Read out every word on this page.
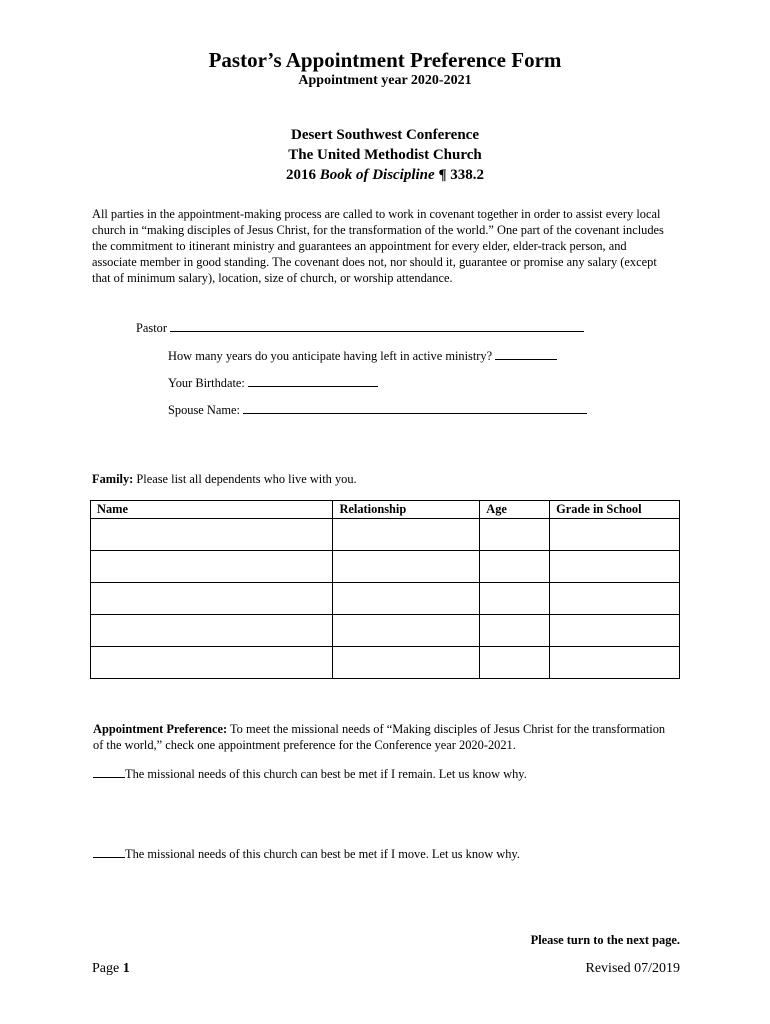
Pastor’s Appointment Preference Form
Appointment year 2020-2021
Desert Southwest Conference
The United Methodist Church
2016 Book of Discipline ¶ 338.2
All parties in the appointment-making process are called to work in covenant together in order to assist every local church in “making disciples of Jesus Christ, for the transformation of the world.” One part of the covenant includes the commitment to itinerant ministry and guarantees an appointment for every elder, elder-track person, and associate member in good standing. The covenant does not, nor should it, guarantee or promise any salary (except that of minimum salary), location, size of church, or worship attendance.
Pastor
How many years do you anticipate having left in active ministry?
Your Birthdate:
Spouse Name:
Family: Please list all dependents who live with you.
Name	Relationship	Age	Grade in School

Appointment Preference: To meet the missional needs of “Making disciples of Jesus Christ for the transformation of the world,” check one appointment preference for the Conference year 2020-2021.
The missional needs of this church can best be met if I remain. Let us know why.
The missional needs of this church can best be met if I move. Let us know why.
Please turn to the next page.
Page 1	Revised 07/2019
